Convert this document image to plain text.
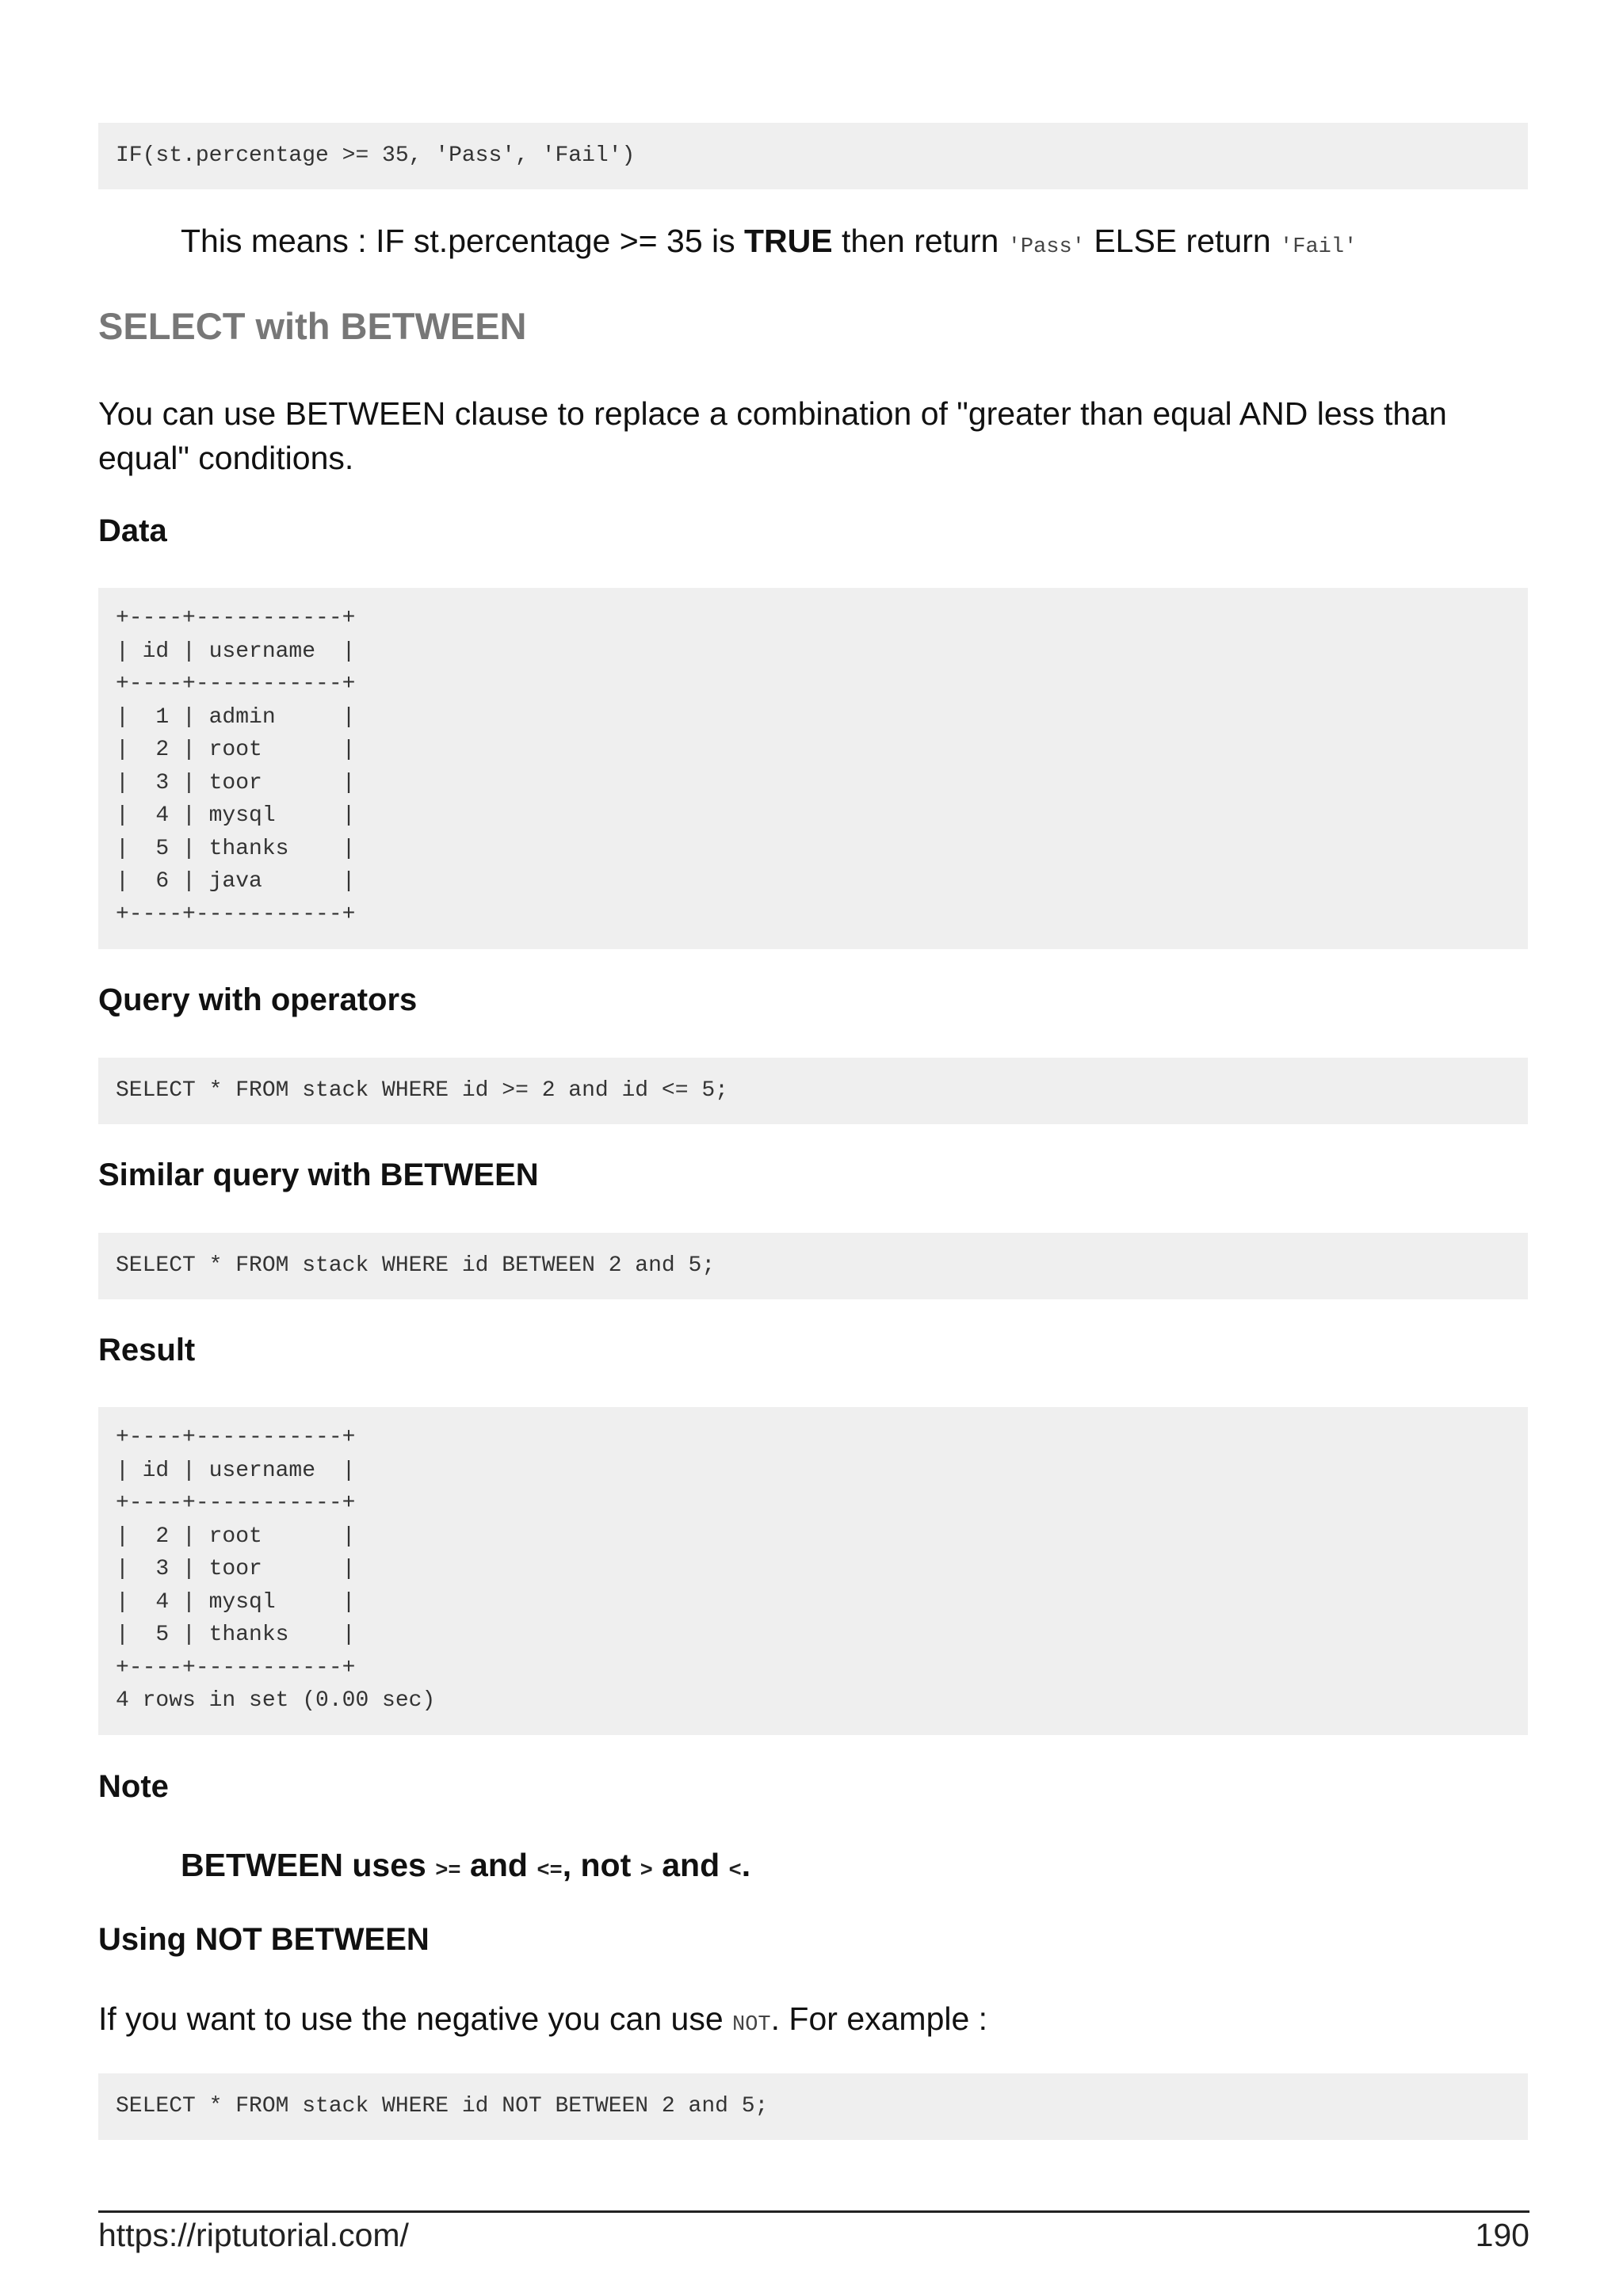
IF(st.percentage >= 35, 'Pass', 'Fail')
This means : IF st.percentage >= 35 is TRUE then return 'Pass' ELSE return 'Fail'
SELECT with BETWEEN
You can use BETWEEN clause to replace a combination of "greater than equal AND less than equal" conditions.
Data
+----+-----------+
| id | username  |
+----+-----------+
|  1 | admin     |
|  2 | root      |
|  3 | toor      |
|  4 | mysql     |
|  5 | thanks    |
|  6 | java      |
+----+-----------+
Query with operators
SELECT * FROM stack WHERE id >= 2 and id <= 5;
Similar query with BETWEEN
SELECT * FROM stack WHERE id BETWEEN 2 and 5;
Result
+----+-----------+
| id | username  |
+----+-----------+
|  2 | root      |
|  3 | toor      |
|  4 | mysql     |
|  5 | thanks    |
+----+-----------+
4 rows in set (0.00 sec)
Note
BETWEEN uses >= and <=, not > and <.
Using NOT BETWEEN
If you want to use the negative you can use NOT. For example :
SELECT * FROM stack WHERE id NOT BETWEEN 2 and 5;
https://riptutorial.com/	190
